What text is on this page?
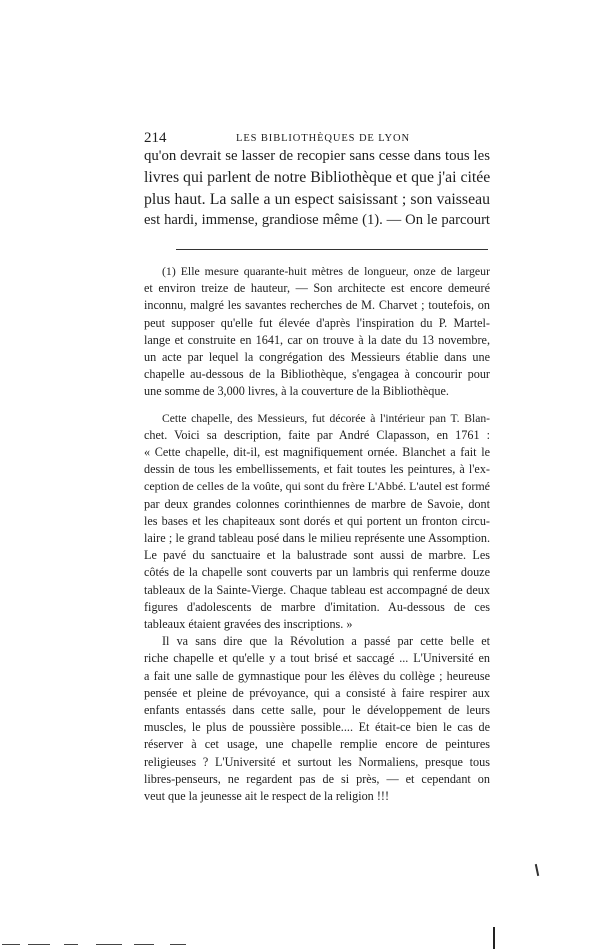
214	LES BIBLIOTHÈQUES DE LYON
qu'on devrait se lasser de recopier sans cesse dans tous les
livres qui parlent de notre Bibliothèque et que j'ai citée
plus haut. La salle a un espect saisissant ; son vaisseau
est hardi, immense, grandiose même (1). — On le parcourt
(1) Elle mesure quarante-huit mètres de longueur, onze de largeur
et environ treize de hauteur, — Son architecte est encore demeuré
inconnu, malgré les savantes recherches de M. Charvet ; toutefois, on
peut supposer qu'elle fut élevée d'après l'inspiration du P. Martel-
lange et construite en 1641, car on trouve à la date du 13 novembre,
un acte par lequel la congrégation des Messieurs établie dans une
chapelle au-dessous de la Bibliothèque, s'engagea à concourir pour
une somme de 3,000 livres, à la couverture de la Bibliothèque.
Cette chapelle, des Messieurs, fut décorée à l'intérieur pan T. Blan-
chet. Voici sa description, faite par André Clapasson, en 1761 :
« Cette chapelle, dit-il, est magnifiquement ornée. Blanchet a fait le
dessin de tous les embellissements, et fait toutes les peintures, à l'ex-
ception de celles de la voûte, qui sont du frère L'Abbé. L'autel est formé
par deux grandes colonnes corinthiennes de marbre de Savoie, dont
les bases et les chapiteaux sont dorés et qui portent un fronton circu-
laire ; le grand tableau posé dans le milieu représente une Assomption.
Le pavé du sanctuaire et la balustrade sont aussi de marbre. Les
côtés de la chapelle sont couverts par un lambris qui renferme douze
tableaux de la Sainte-Vierge. Chaque tableau est accompagné de deux
figures d'adolescents de marbre d'imitation. Au-dessous de ces
tableaux étaient gravées des inscriptions. »
Il va sans dire que la Révolution a passé par cette belle et
riche chapelle et qu'elle y a tout brisé et saccagé ... L'Université en
a fait une salle de gymnastique pour les élèves du collège ; heureuse
pensée et pleine de prévoyance, qui a consisté à faire respirer aux
enfants entassés dans cette salle, pour le développement de leurs
muscles, le plus de poussière possible.... Et était-ce bien le cas de
réserver à cet usage, une chapelle remplie encore de peintures
religieuses ? L'Université et surtout les Normaliens, presque tous
libres-penseurs, ne regardent pas de si près, — et cependant on
veut que la jeunesse ait le respect de la religion !!!
